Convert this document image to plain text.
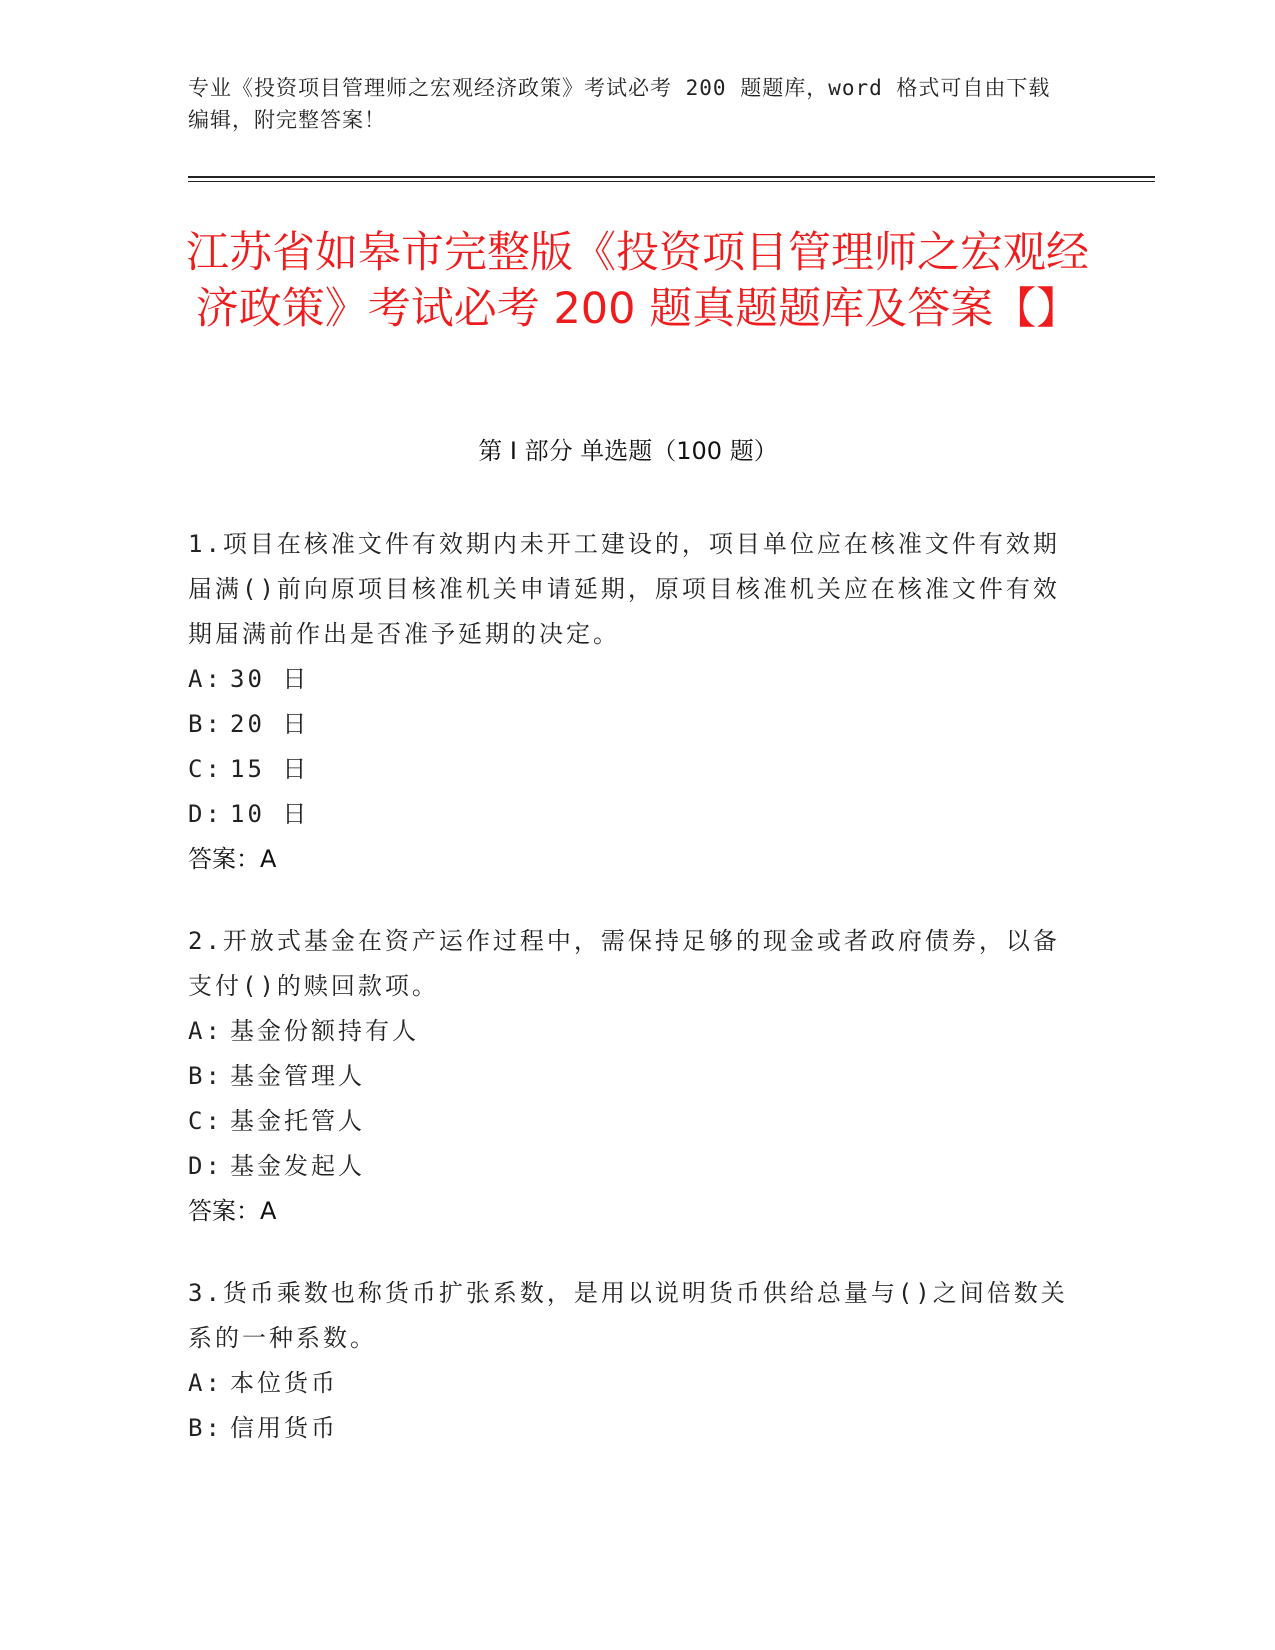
专业《投资项目管理师之宏观经济政策》考试必考 200 题题库，word 格式可自由下载编辑，附完整答案！
江苏省如皋市完整版《投资项目管理师之宏观经济政策》考试必考 200 题真题题库及答案【】
第 I 部分 单选题（100 题）

1.项目在核准文件有效期内未开工建设的，项目单位应在核准文件有效期届满()前向原项目核准机关申请延期，原项目核准机关应在核准文件有效期届满前作出是否准予延期的决定。

A: 30 日

B: 20 日

C: 15 日

D: 10 日

答案：A

2.开放式基金在资产运作过程中，需保持足够的现金或者政府债券，以备支付()的赎回款项。

A: 基金份额持有人

B: 基金管理人

C: 基金托管人

D: 基金发起人

答案：A

3.货币乘数也称货币扩张系数，是用以说明货币供给总量与()之间倍数关系的一种系数。

A: 本位货币

B: 信用货币
